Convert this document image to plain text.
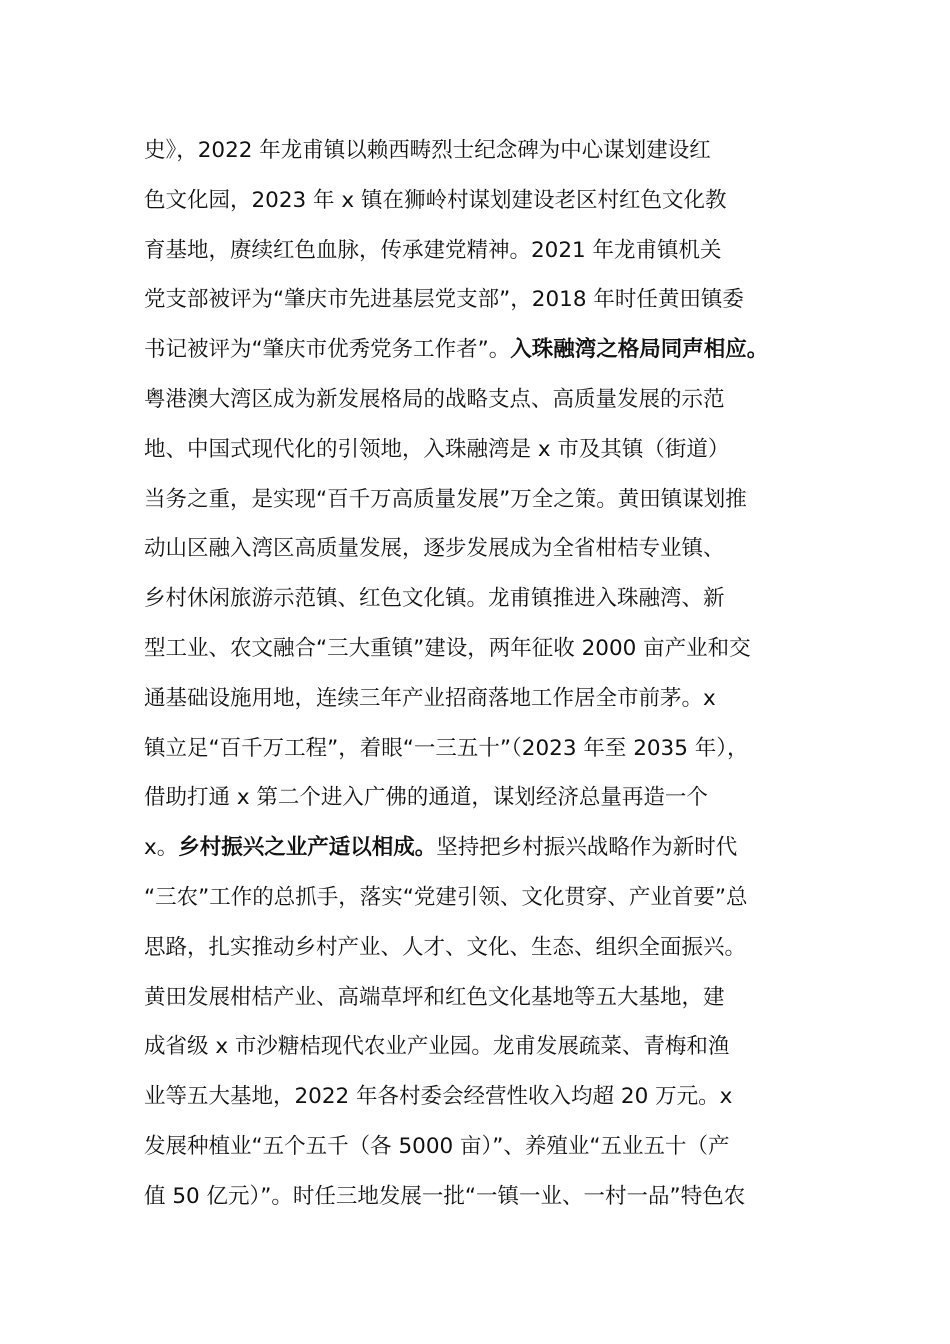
史》，2022 年龙甫镇以赖西畴烈士纪念碑为中心谋划建设红
色文化园，2023 年 x 镇在狮岭村谋划建设老区村红色文化教
育基地，赓续红色血脉，传承建党精神。2021 年龙甫镇机关
党支部被评为“肇庆市先进基层党支部”，2018 年时任黄田镇委
书记被评为“肇庆市优秀党务工作者”。入珠融湾之格局同声相应。
粤港澳大湾区成为新发展格局的战略支点、高质量发展的示范
地、中国式现代化的引领地，入珠融湾是 x 市及其镇（街道）
当务之重，是实现“百千万高质量发展”万全之策。黄田镇谋划推
动山区融入湾区高质量发展，逐步发展成为全省柑桔专业镇、
乡村休闲旅游示范镇、红色文化镇。龙甫镇推进入珠融湾、新
型工业、农文融合“三大重镇”建设，两年征收 2000 亩产业和交
通基础设施用地，连续三年产业招商落地工作居全市前茅。x
镇立足“百千万工程”，着眼“一三五十”（2023 年至 2035 年），
借助打通 x 第二个进入广佛的通道，谋划经济总量再造一个
x。乡村振兴之业产适以相成。坚持把乡村振兴战略作为新时代
“三农”工作的总抓手，落实“党建引领、文化贯穿、产业首要”总
思路，扎实推动乡村产业、人才、文化、生态、组织全面振兴。
黄田发展柑桔产业、高端草坪和红色文化基地等五大基地，建
成省级 x 市沙糖桔现代农业产业园。龙甫发展疏菜、青梅和渔
业等五大基地，2022 年各村委会经营性收入均超 20 万元。x
发展种植业“五个五千（各 5000 亩）”、养殖业“五业五十（产
值 50 亿元）”。时任三地发展一批“一镇一业、一村一品”特色农
